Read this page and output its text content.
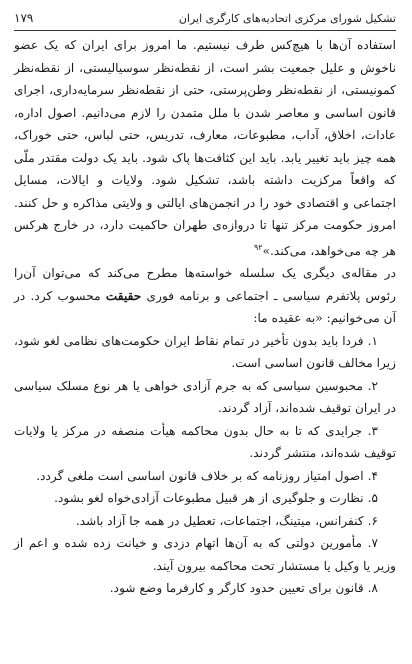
تشکیل شورای مرکزی اتحادیه‌های کارگری ایران
۱۷۹

استفاده آن‌ها با هیچ‌کس طرف نیستیم. ما امروز برای ایران که یک عضو ناخوش و علیل جمعیت بشر است، از نقطه‌نظر سوسیالیستی، از نقطه‌نظر کمونیستی، از نقطه‌نظر وطن‌پرستی، حتی از نقطه‌نظر سرمایه‌داری، اجرای قانون اساسی و معاصر شدن با ملل متمدن را لازم می‌دانیم. اصول اداره، عادات، اخلاق، آداب، مطبوعات، معارف، تدریس، حتی لباس، حتی خوراک، همه چیز باید تغییر یابد. باید این کثافت‌ها پاک شود. باید یک دولت مقتدر ملّی که واقعاً مرکزیت داشته باشد، تشکیل شود. ولایات و ایالات، مسایل اجتماعی و اقتصادی خود را در انجمن‌های ایالتی و ولایتی مذاکره و حل کنند. امروز حکومت مرکز تنها تا دروازه‌ی طهران حاکمیت دارد، در خارج هرکس هر چه می‌خواهد، می‌کند.»$^{۹۲}$

در مقاله‌ی دیگری یک سلسله خواسته‌ها مطرح می‌کند که می‌توان آن‌را رئوس پلاتفرم سیاسی ـ اجتماعی و برنامه فوری حقیقت محسوب کرد. در آن می‌خوانیم: «به عقیده ما:

۱. فردا باید بدون تأخیر در تمام نقاط ایران حکومت‌های نظامی لغو شود، زیرا مخالف قانون اساسی است.
۲. محبوسین سیاسی که به جرم آزادی خواهی یا هر نوع مسلک سیاسی در ایران توقیف شده‌اند، آزاد گردند.
۳. جرایدی که تا به حال بدون محاکمه هیأت منصفه در مرکز یا ولایات توقیف شده‌اند، منتشر گردند.
۴. اصول امتیاز روزنامه که بر خلاف قانون اساسی است ملغی گردد.
۵. نظارت و جلوگیری از هر قبیل مطبوعات آزادی‌خواه لغو بشود.
۶. کنفرانس، میتینگ، اجتماعات، تعطیل در همه جا آزاد باشد.
۷. مأمورین دولتی که به آن‌ها اتهام دزدی و خیانت زده شده و اعم از وزیر یا وکیل یا مستشار تحت محاکمه بیرون آیند.
۸. قانون برای تعیین حدود کارگر و کارفرما وضع شود.
